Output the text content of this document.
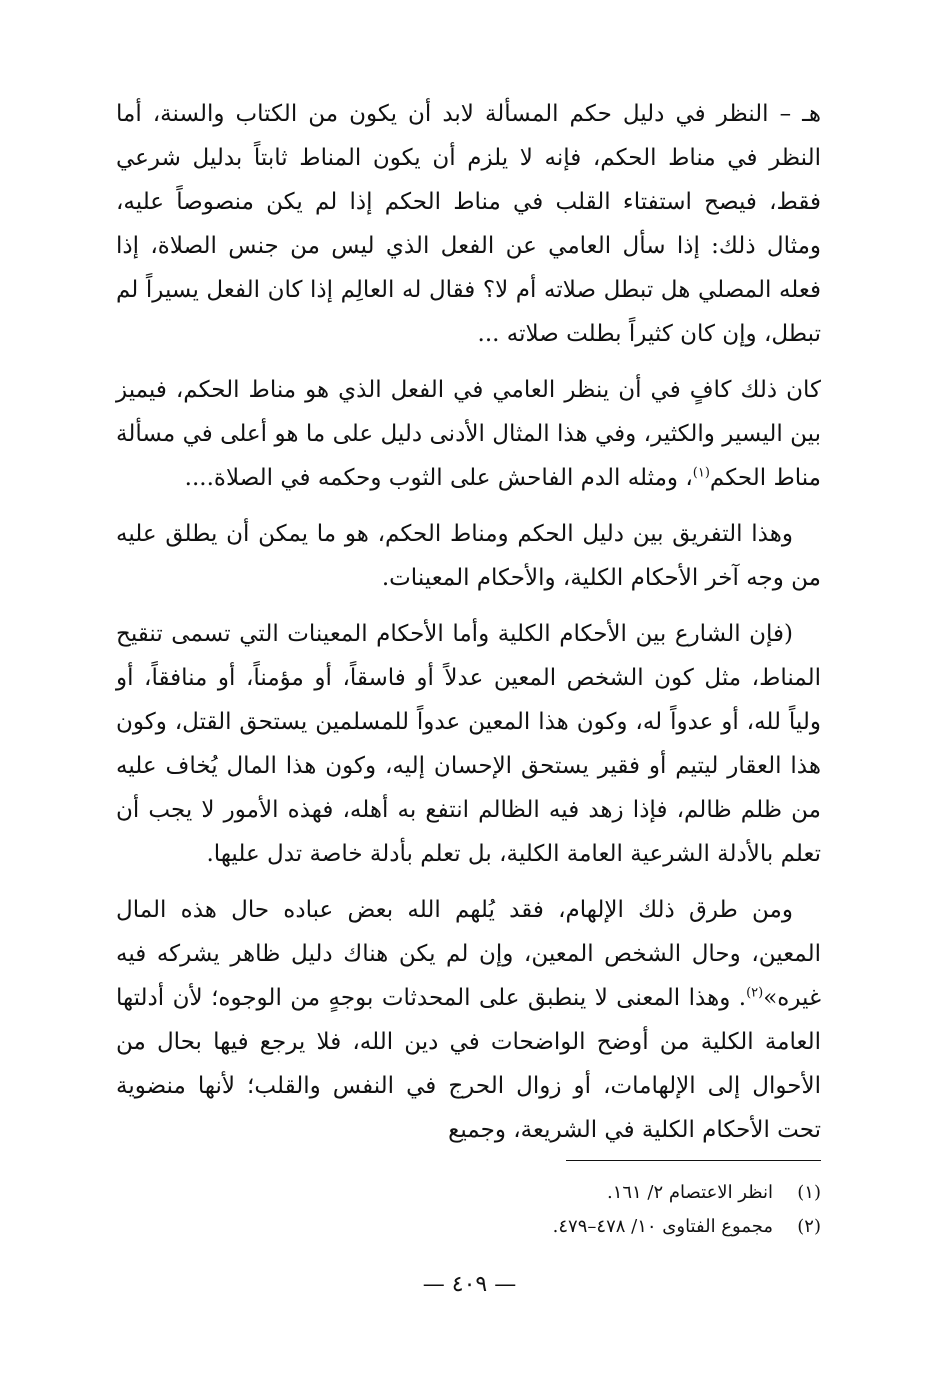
هـ – النظر في دليل حكم المسألة لابد أن يكون من الكتاب والسنة، أما النظر في مناط الحكم، فإنه لا يلزم أن يكون المناط ثابتاً بدليل شرعي فقط، فيصح استفتاء القلب في مناط الحكم إذا لم يكن منصوصاً عليه، ومثال ذلك: إذا سأل العامي عن الفعل الذي ليس من جنس الصلاة، إذا فعله المصلي هل تبطل صلاته أم لا؟ فقال له العالِم إذا كان الفعل يسيراً لم تبطل، وإن كان كثيراً بطلت صلاته ...

كان ذلك كافٍ في أن ينظر العامي في الفعل الذي هو مناط الحكم، فيميز بين اليسير والكثير، وفي هذا المثال الأدنى دليل على ما هو أعلى في مسألة مناط الحكم$^{(١)}$، ومثله الدم الفاحش على الثوب وحكمه في الصلاة....

وهذا التفريق بين دليل الحكم ومناط الحكم، هو ما يمكن أن يطلق عليه من وجه آخر الأحكام الكلية، والأحكام المعينات.

(فإن الشارع بين الأحكام الكلية وأما الأحكام المعينات التي تسمى تنقيح المناط، مثل كون الشخص المعين عدلاً أو فاسقاً، أو مؤمناً، أو منافقاً، أو ولياً لله، أو عدواً له، وكون هذا المعين عدواً للمسلمين يستحق القتل، وكون هذا العقار ليتيم أو فقير يستحق الإحسان إليه، وكون هذا المال يُخاف عليه من ظلم ظالم، فإذا زهد فيه الظالم انتفع به أهله، فهذه الأمور لا يجب أن تعلم بالأدلة الشرعية العامة الكلية، بل تعلم بأدلة خاصة تدل عليها.

ومن طرق ذلك الإلهام، فقد يُلهم الله بعض عباده حال هذه المال المعين، وحال الشخص المعين، وإن لم يكن هناك دليل ظاهر يشركه فيه غيره»$^{(٢)}$. وهذا المعنى لا ينطبق على المحدثات بوجهٍ من الوجوه؛ لأن أدلتها العامة الكلية من أوضح الواضحات في دين الله، فلا يرجع فيها بحال من الأحوال إلى الإلهامات، أو زوال الحرج في النفس والقلب؛ لأنها منضوية تحت الأحكام الكلية في الشريعة، وجميع

(١)
انظر الاعتصام ٢/ ١٦١.
(٢)
مجموع الفتاوى ١٠/ ٤٧٨–٤٧٩.
— ٤٠٩ —
